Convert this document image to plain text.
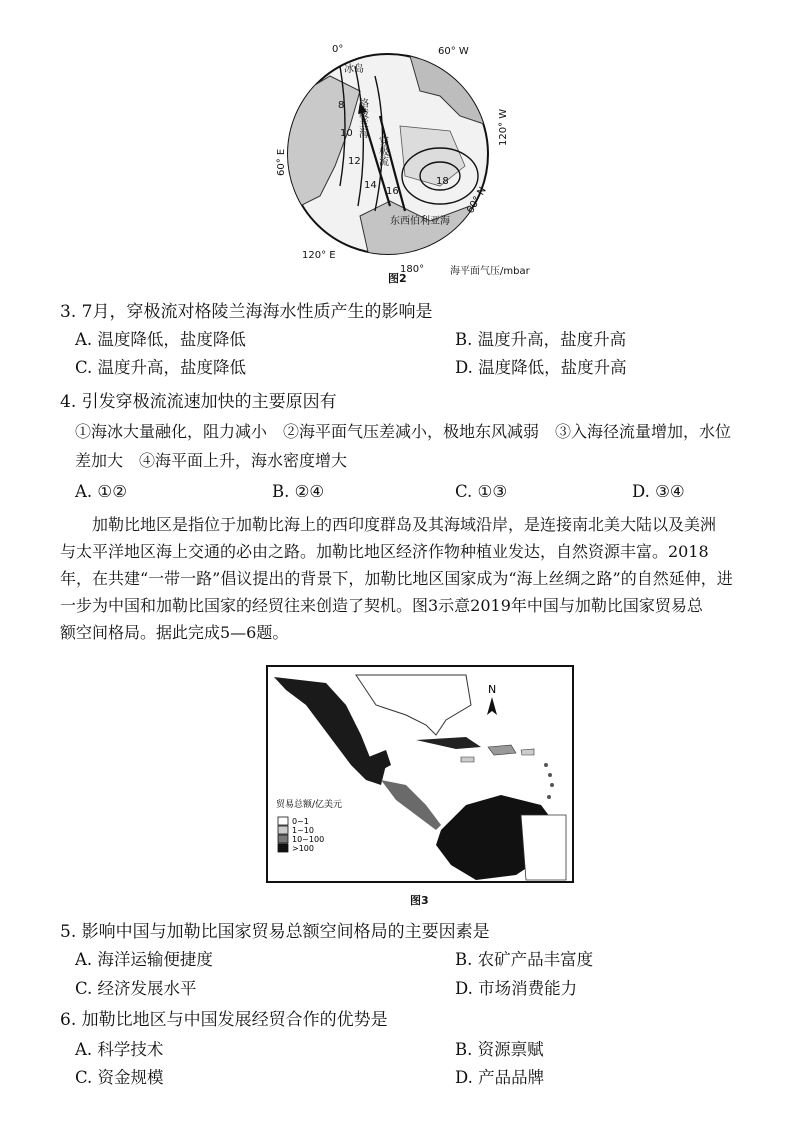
0°	60° W
120° W
60° E
120° E
180°
60° N
冰岛
格陵兰海
穿极流
东西伯利亚海
海平面气压/mbar
8
10
12
14
16
18
图2
3. 7月，穿极流对格陵兰海海水性质产生的影响是
A. 温度降低，盐度降低	B. 温度升高，盐度升高
C. 温度升高，盐度降低	D. 温度降低，盐度升高
4. 引发穿极流流速加快的主要原因有
①海冰大量融化，阻力减小　②海平面气压差减小，极地东风减弱　③入海径流量增加，水位
差加大　④海平面上升，海水密度增大
A. ①②	B. ②④	C. ①③	D. ③④
加勒比地区是指位于加勒比海上的西印度群岛及其海域沿岸，是连接南北美大陆以及美洲
与太平洋地区海上交通的必由之路。加勒比地区经济作物种植业发达，自然资源丰富。2018
年，在共建“一带一路”倡议提出的背景下，加勒比地区国家成为“海上丝绸之路”的自然延伸，进
一步为中国和加勒比国家的经贸往来创造了契机。图3示意2019年中国与加勒比国家贸易总
额空间格局。据此完成5—6题。
N
贸易总额/亿美元
0~1
1~10
10~100
>100
图3
5. 影响中国与加勒比国家贸易总额空间格局的主要因素是
A. 海洋运输便捷度	B. 农矿产品丰富度
C. 经济发展水平	D. 市场消费能力
6. 加勒比地区与中国发展经贸合作的优势是
A. 科学技术	B. 资源禀赋
C. 资金规模	D. 产品品牌
